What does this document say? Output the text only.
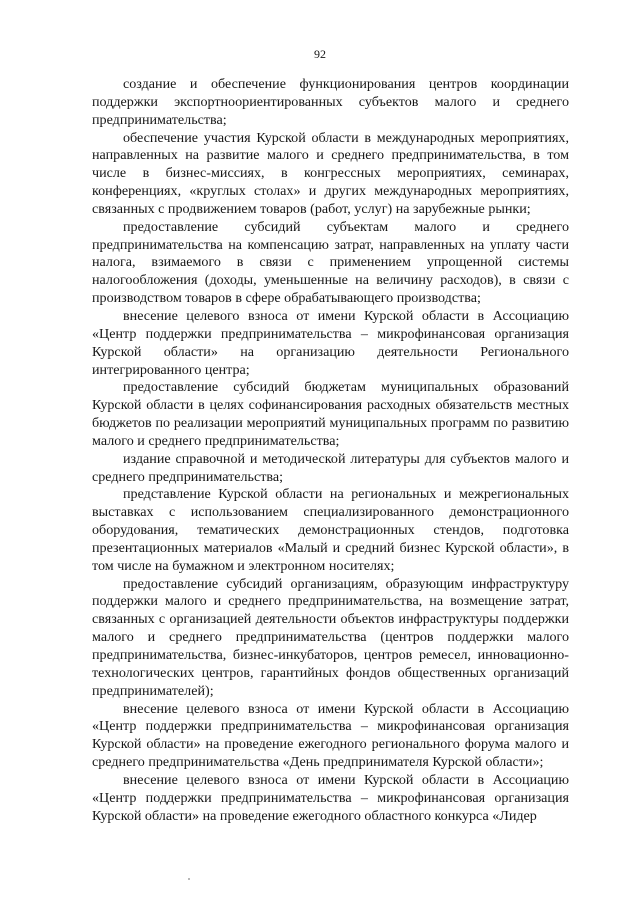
92

создание и обеспечение функционирования центров координации поддержки экспортноориентированных субъектов малого и среднего предпринимательства;

обеспечение участия Курской области в международных мероприятиях, направленных на развитие малого и среднего предпринимательства, в том числе в бизнес-миссиях, в конгрессных мероприятиях, семинарах, конференциях, «круглых столах» и других международных мероприятиях, связанных с продвижением товаров (работ, услуг) на зарубежные рынки;

предоставление субсидий субъектам малого и среднего предпринимательства на компенсацию затрат, направленных на уплату части налога, взимаемого в связи с применением упрощенной системы налогообложения (доходы, уменьшенные на величину расходов), в связи с производством товаров в сфере обрабатывающего производства;

внесение целевого взноса от имени Курской области в Ассоциацию «Центр поддержки предпринимательства – микрофинансовая организация Курской области» на организацию деятельности Регионального интегрированного центра;

предоставление субсидий бюджетам муниципальных образований Курской области в целях софинансирования расходных обязательств местных бюджетов по реализации мероприятий муниципальных программ по развитию малого и среднего предпринимательства;

издание справочной и методической литературы для субъектов малого и среднего предпринимательства;

представление Курской области на региональных и межрегиональных выставках с использованием специализированного демонстрационного оборудования, тематических демонстрационных стендов, подготовка презентационных материалов «Малый и средний бизнес Курской области», в том числе на бумажном и электронном носителях;

предоставление субсидий организациям, образующим инфраструктуру поддержки малого и среднего предпринимательства, на возмещение затрат, связанных с организацией деятельности объектов инфраструктуры поддержки малого и среднего предпринимательства (центров поддержки малого предпринимательства, бизнес-инкубаторов, центров ремесел, инновационно-технологических центров, гарантийных фондов общественных организаций предпринимателей);

внесение целевого взноса от имени Курской области в Ассоциацию «Центр поддержки предпринимательства – микрофинансовая организация Курской области» на проведение ежегодного регионального форума малого и среднего предпринимательства «День предпринимателя Курской области»;

внесение целевого взноса от имени Курской области в Ассоциацию «Центр поддержки предпринимательства – микрофинансовая организация Курской области» на проведение ежегодного областного конкурса «Лидер
